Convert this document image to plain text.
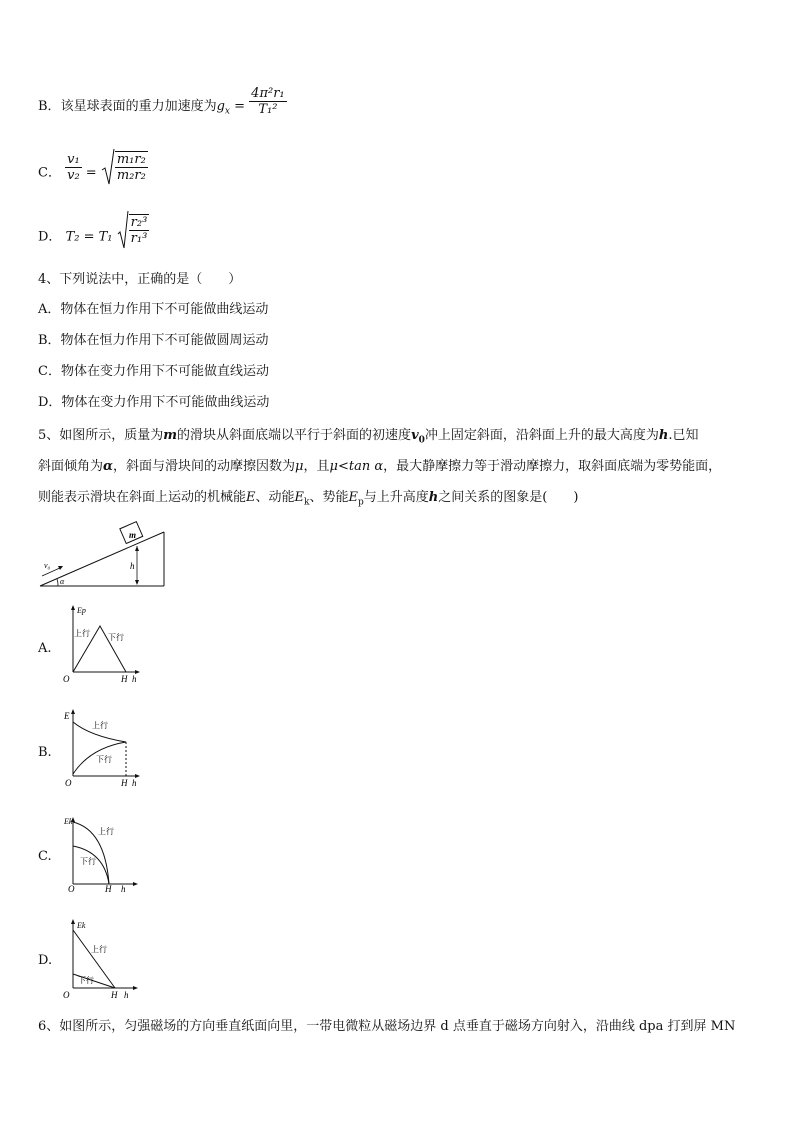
B．该星球表面的重力加速度为$g_x = \frac{\text{4π²r₁}}{\text{T₁²}}$
C． $\frac{\text{v₁}}{\text{v₂}} = \frac{\text{m₁r₂}}{\text{m₂r₂}}$
D． $T_2 = T_1 \frac{\text{r₂³}}{\text{r₁³}}$
4、下列说法中，正确的是（　　）
A．物体在恒力作用下不可能做曲线运动
B．物体在恒力作用下不可能做圆周运动
C．物体在变力作用下不可能做直线运动
D．物体在变力作用下不可能做曲线运动
5、如图所示，质量为m的滑块从斜面底端以平行于斜面的初速度$v_0$冲上固定斜面，沿斜面上升的最大高度为h.已知
斜面倾角为α，斜面与滑块间的动摩擦因数为μ，且μ<tan α，最大静摩擦力等于滑动摩擦力，取斜面底端为零势能面，
则能表示滑块在斜面上运动的机械能E、动能$E_k$、势能$E_p$与上升高度h之间关系的图象是(　　)
m
h
v₀
α
A.
Ep
上行 下行
O	H h
B.
E
上行
下行
O	H h
C.
Ek
上行
下行
O	H h
D.
Ek
上行
下行
O	H h
6、如图所示，匀强磁场的方向垂直纸面向里，一带电微粒从磁场边界 d 点垂直于磁场方向射入，沿曲线 dpa 打到屏 MN
